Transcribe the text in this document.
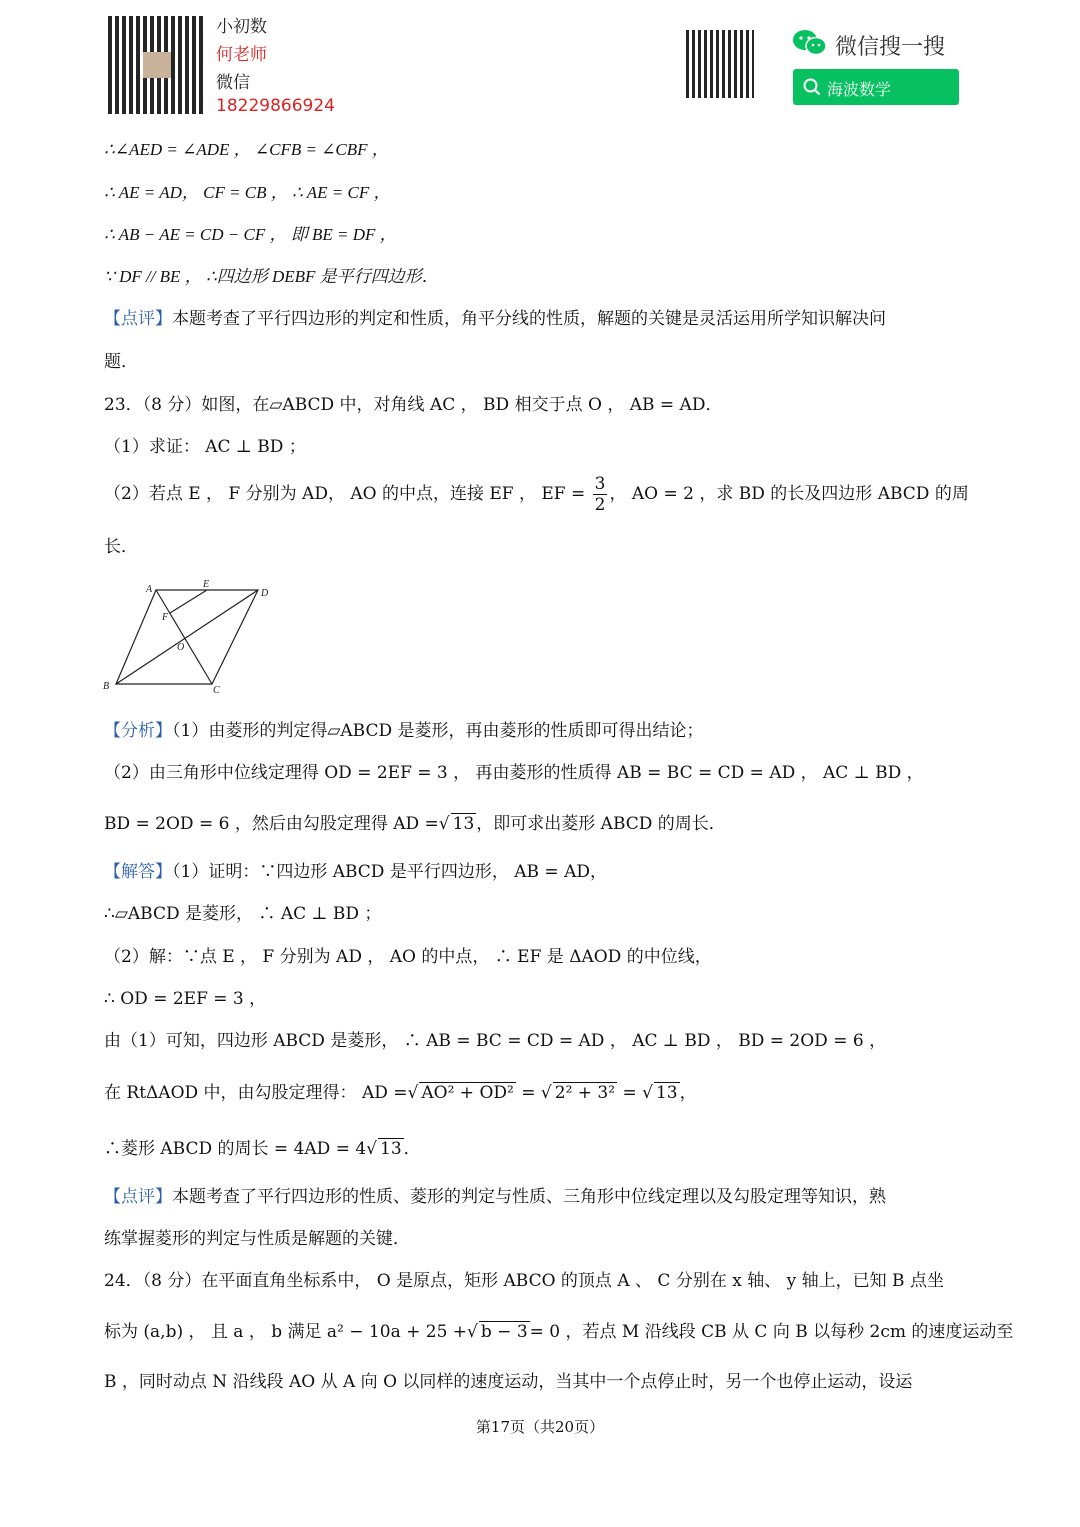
小初数
何老师
微信
18229866924
微信搜一搜
海波数学
∴∠AED = ∠ADE ， ∠CFB = ∠CBF ，
∴ AE = AD， CF = CB ， ∴ AE = CF ，
∴ AB − AE = CD − CF ， 即 BE = DF ，
∵ DF // BE ， ∴四边形 DEBF 是平行四边形．
【点评】本题考查了平行四边形的判定和性质，角平分线的性质，解题的关键是灵活运用所学知识解决问
题．
23．（8 分）如图，在▱ABCD 中，对角线 AC ， BD 相交于点 O ， AB = AD．
（1）求证： AC ⊥ BD ；
（2）若点 E ， F 分别为 AD， AO 的中点，连接 EF ， EF = $\frac{3}{2}$ ， AO = 2 ，求 BD 的长及四边形 ABCD 的周
长．
A	E
D
F
O
B	C
【分析】（1）由菱形的判定得▱ABCD 是菱形，再由菱形的性质即可得出结论；
（2）由三角形中位线定理得 OD = 2EF = 3 ， 再由菱形的性质得 AB = BC = CD = AD ， AC ⊥ BD ，
BD = 2OD = 6 ，然后由勾股定理得 AD =√ 13 ，即可求出菱形 ABCD 的周长．
【解答】（1）证明：∵四边形 ABCD 是平行四边形， AB = AD，
∴▱ABCD 是菱形， ∴ AC ⊥ BD ；
（2）解：∵点 E ， F 分别为 AD ， AO 的中点， ∴ EF 是 ΔAOD 的中位线，
∴ OD = 2EF = 3 ，
由（1）可知，四边形 ABCD 是菱形， ∴ AB = BC = CD = AD ， AC ⊥ BD ， BD = 2OD = 6 ，
在 RtΔAOD 中，由勾股定理得： AD =√ AO² + OD² = √ 2² + 3² = √ 13 ，
∴菱形 ABCD 的周长 = 4AD = 4√ 13 ．
【点评】本题考查了平行四边形的性质、菱形的判定与性质、三角形中位线定理以及勾股定理等知识，熟
练掌握菱形的判定与性质是解题的关键．
24．（8 分）在平面直角坐标系中， O 是原点，矩形 ABCO 的顶点 A 、 C 分别在 x 轴、 y 轴上，已知 B 点坐
标为 (a,b) ， 且 a ， b 满足 a² − 10a + 25 +√ b − 3 = 0 ，若点 M 沿线段 CB 从 C 向 B 以每秒 2cm 的速度运动至
B ，同时动点 N 沿线段 AO 从 A 向 O 以同样的速度运动，当其中一个点停止时，另一个也停止运动，设运
第17页（共20页）
